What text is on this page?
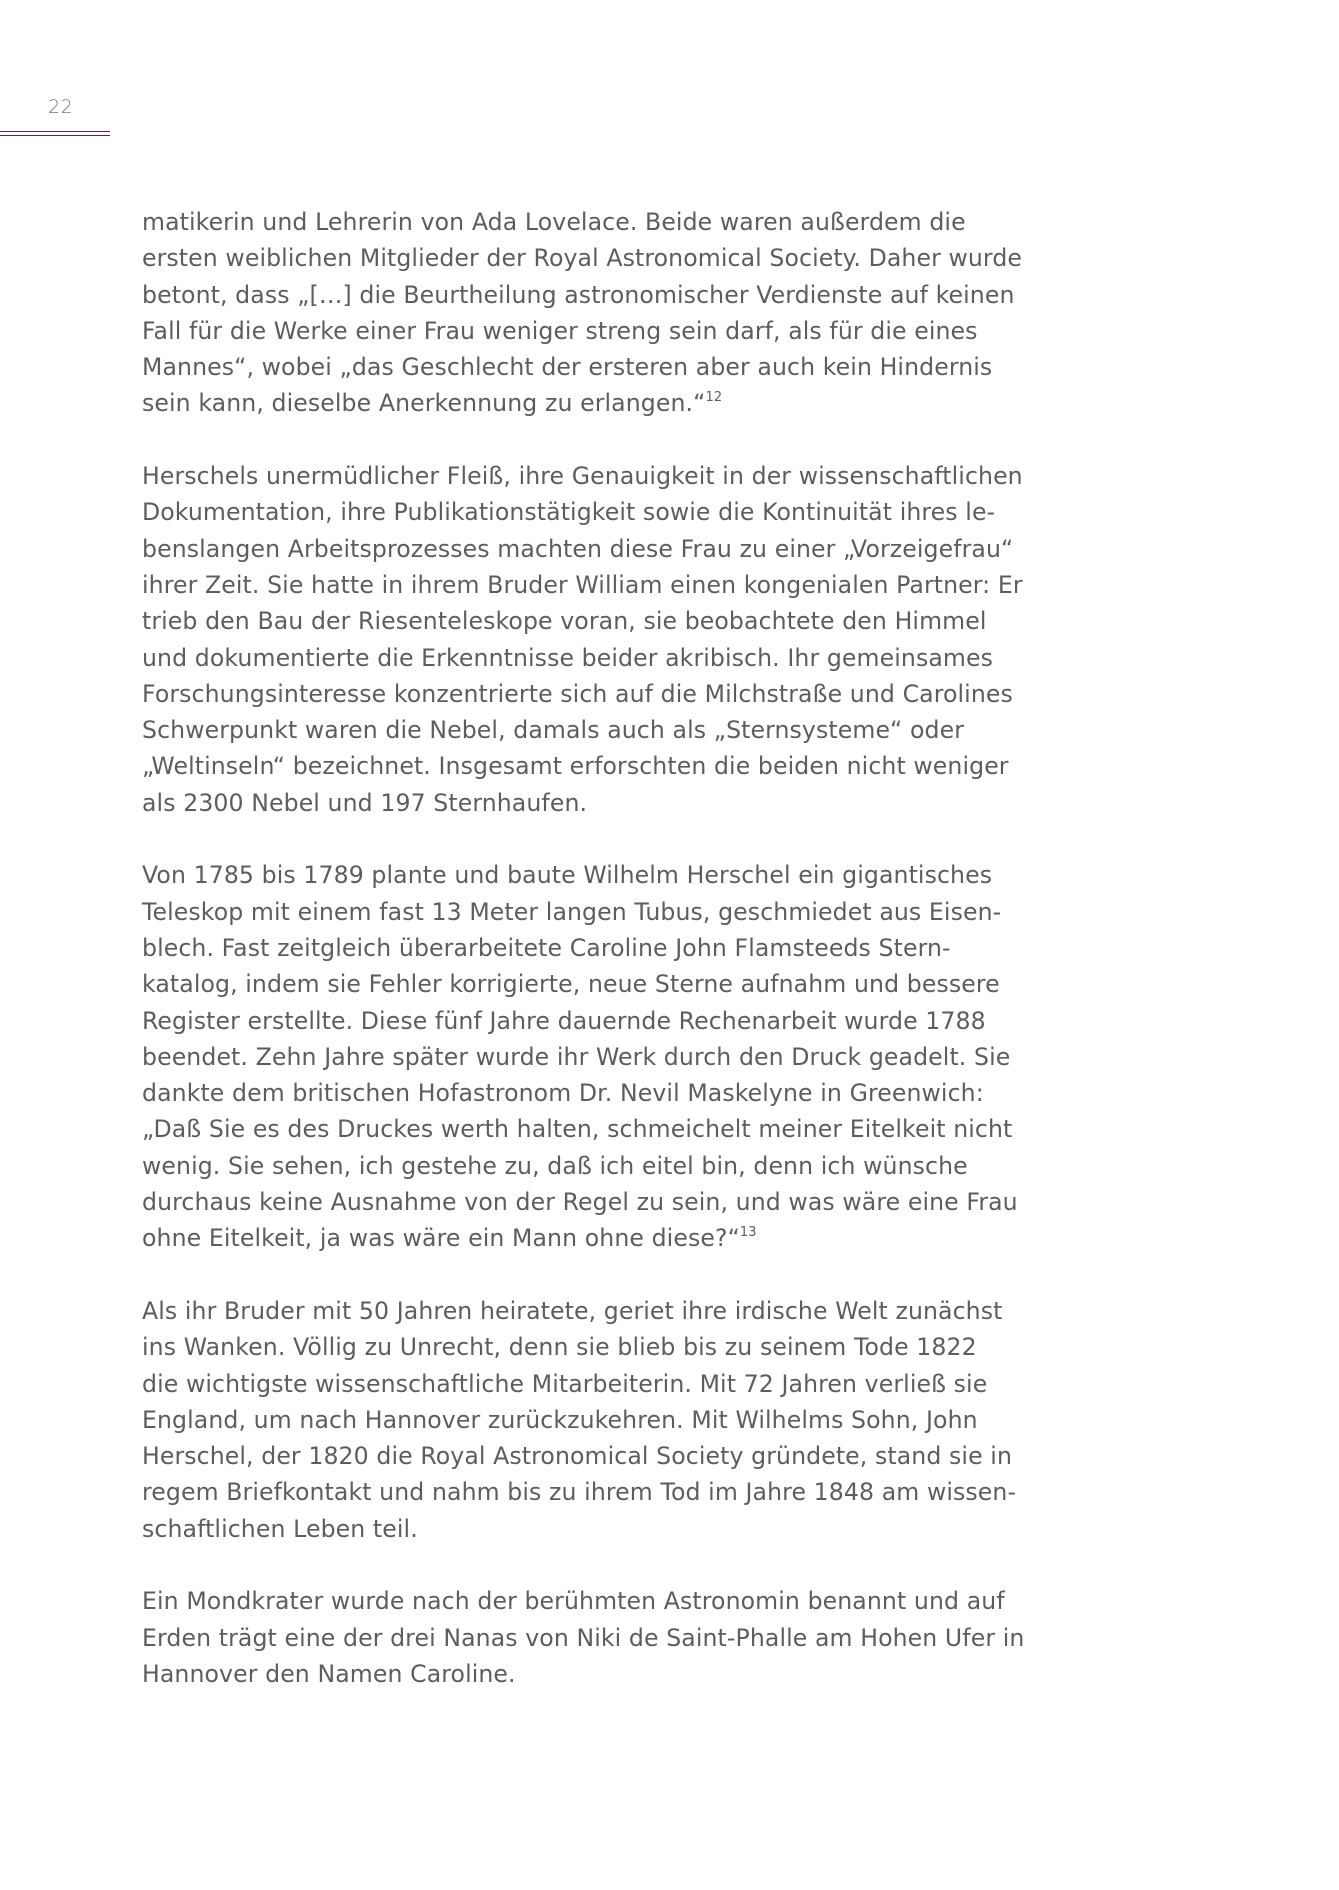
22
matikerin und Lehrerin von Ada Lovelace. Beide waren außerdem die
ersten weiblichen Mitglieder der Royal Astronomical Society. Daher wurde
betont, dass „[…] die Beurtheilung astronomischer Verdienste auf keinen
Fall für die Werke einer Frau weniger streng sein darf, als für die eines
Mannes“, wobei „das Geschlecht der ersteren aber auch kein Hindernis
sein kann, dieselbe Anerkennung zu erlangen.“$^{12}$
Herschels unermüdlicher Fleiß, ihre Genauigkeit in der wissenschaftlichen
Dokumentation, ihre Publikationstätigkeit sowie die Kontinuität ihres le-
benslangen Arbeitsprozesses machten diese Frau zu einer „Vorzeigefrau“
ihrer Zeit. Sie hatte in ihrem Bruder William einen kongenialen Partner: Er
trieb den Bau der Riesenteleskope voran, sie beobachtete den Himmel
und dokumentierte die Erkenntnisse beider akribisch. Ihr gemeinsames
Forschungsinteresse konzentrierte sich auf die Milchstraße und Carolines
Schwerpunkt waren die Nebel, damals auch als „Sternsysteme“ oder
„Weltinseln“ bezeichnet. Insgesamt erforschten die beiden nicht weniger
als 2300 Nebel und 197 Sternhaufen.
Von 1785 bis 1789 plante und baute Wilhelm Herschel ein gigantisches
Teleskop mit einem fast 13 Meter langen Tubus, geschmiedet aus Eisen-
blech. Fast zeitgleich überarbeitete Caroline John Flamsteeds Stern-
katalog, indem sie Fehler korrigierte, neue Sterne aufnahm und bessere
Register erstellte. Diese fünf Jahre dauernde Rechenarbeit wurde 1788
beendet. Zehn Jahre später wurde ihr Werk durch den Druck geadelt. Sie
dankte dem britischen Hofastronom Dr. Nevil Maskelyne in Greenwich:
„Daß Sie es des Druckes werth halten, schmeichelt meiner Eitelkeit nicht
wenig. Sie sehen, ich gestehe zu, daß ich eitel bin, denn ich wünsche
durchaus keine Ausnahme von der Regel zu sein, und was wäre eine Frau
ohne Eitelkeit, ja was wäre ein Mann ohne diese?“$^{13}$
Als ihr Bruder mit 50 Jahren heiratete, geriet ihre irdische Welt zunächst
ins Wanken. Völlig zu Unrecht, denn sie blieb bis zu seinem Tode 1822
die wichtigste wissenschaftliche Mitarbeiterin. Mit 72 Jahren verließ sie
England, um nach Hannover zurückzukehren. Mit Wilhelms Sohn, John
Herschel, der 1820 die Royal Astronomical Society gründete, stand sie in
regem Briefkontakt und nahm bis zu ihrem Tod im Jahre 1848 am wissen-
schaftlichen Leben teil.
Ein Mondkrater wurde nach der berühmten Astronomin benannt und auf
Erden trägt eine der drei Nanas von Niki de Saint-Phalle am Hohen Ufer in
Hannover den Namen Caroline.
